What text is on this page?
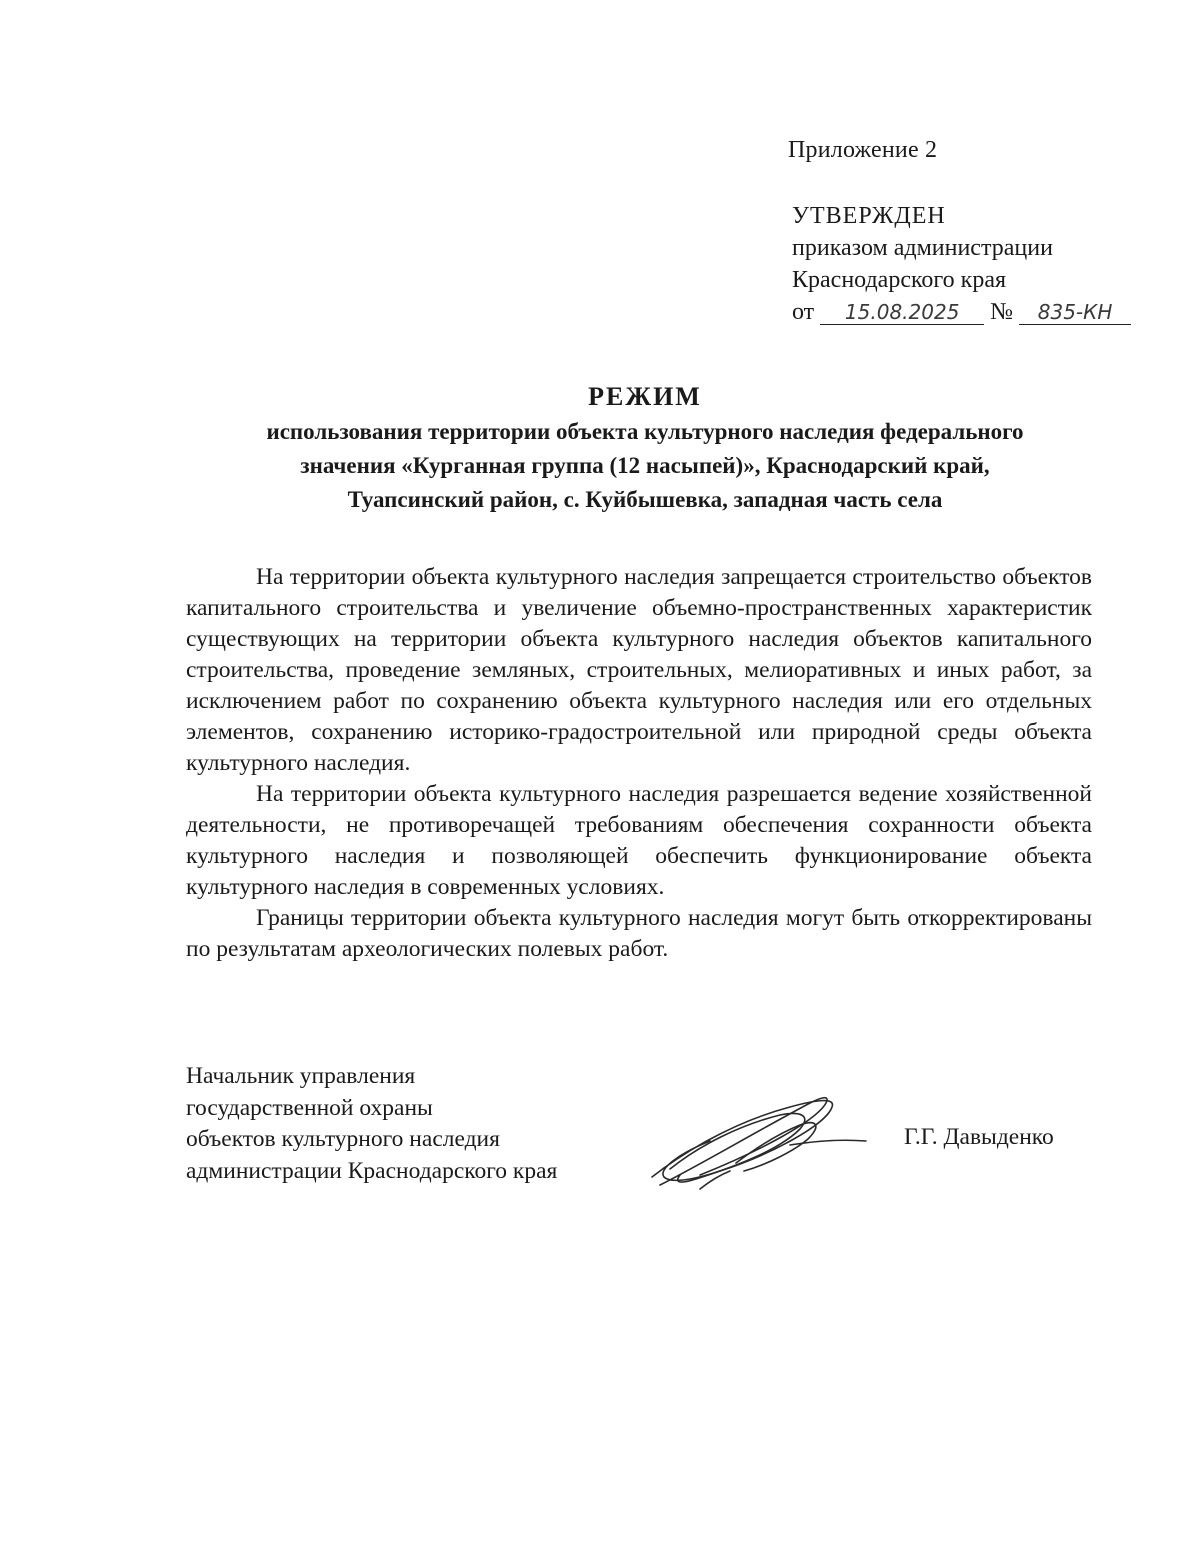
Приложение 2
УТВЕРЖДЕН
приказом администрации
Краснодарского края
от 15.08.2025 № 835-КН
РЕЖИМ
использования территории объекта культурного наследия федерального
значения «Курганная группа (12 насыпей)», Краснодарский край,
Туапсинский район, с. Куйбышевка, западная часть села

На территории объекта культурного наследия запрещается строительство объектов капитального строительства и увеличение объемно-пространственных характеристик существующих на территории объекта культурного наследия объектов капитального строительства, проведение земляных, строительных, мелиоративных и иных работ, за исключением работ по сохранению объекта культурного наследия или его отдельных элементов, сохранению историко-градостроительной или природной среды объекта культурного наследия.

На территории объекта культурного наследия разрешается ведение хозяйственной деятельности, не противоречащей требованиям обеспечения сохранности объекта культурного наследия и позволяющей обеспечить функционирование объекта культурного наследия в современных условиях.

Границы территории объекта культурного наследия могут быть откорректированы по результатам археологических полевых работ.

Начальник управления
государственной охраны
объектов культурного наследия
администрации Краснодарского края
Г.Г. Давыденко
